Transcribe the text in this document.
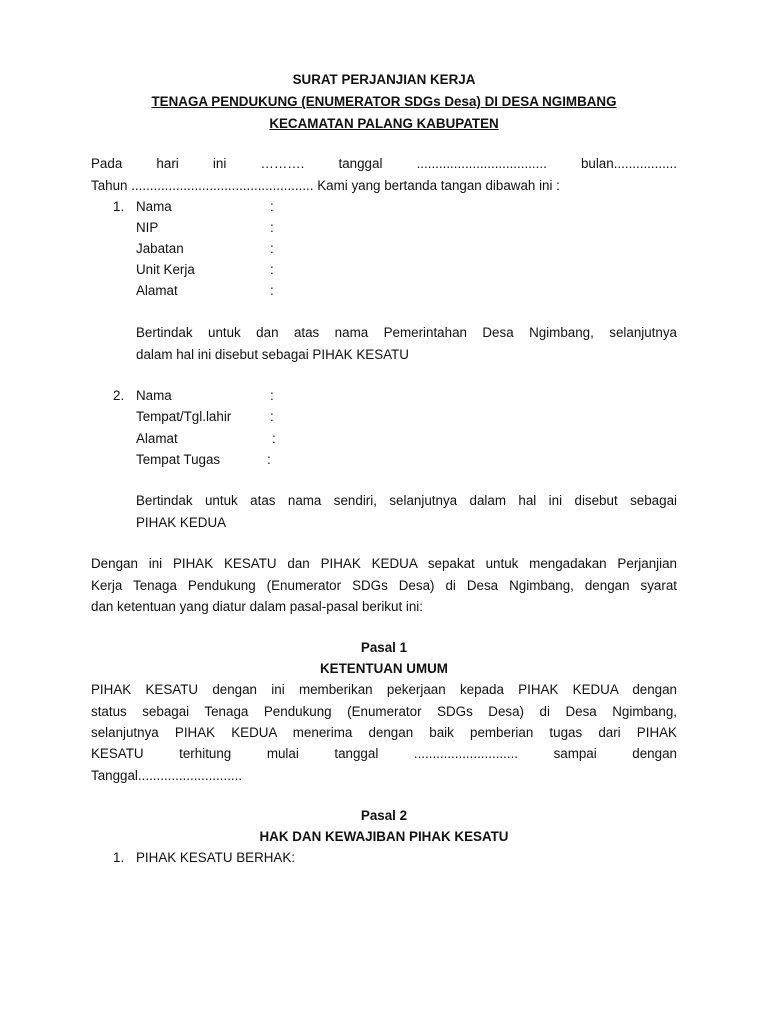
SURAT PERJANJIAN KERJA
TENAGA PENDUKUNG (ENUMERATOR SDGs Desa) DI DESA NGIMBANG
KECAMATAN PALANG KABUPATEN
Pada	hari	ini	……….	tanggal	...................................	bulan.................
Tahun ................................................. Kami yang bertanda tangan dibawah ini :
1. Nama	:
NIP	:
Jabatan	:
Unit Kerja	:
Alamat	:
Bertindak untuk dan atas nama Pemerintahan Desa Ngimbang, selanjutnya
dalam hal ini disebut sebagai PIHAK KESATU
2. Nama	:
Tempat/Tgl.lahir	:
Alamat	:
Tempat Tugas	:
Bertindak untuk atas nama sendiri, selanjutnya dalam hal ini disebut sebagai
PIHAK KEDUA
Dengan ini PIHAK KESATU dan PIHAK KEDUA sepakat untuk mengadakan Perjanjian
Kerja Tenaga Pendukung (Enumerator SDGs Desa) di Desa Ngimbang, dengan syarat
dan ketentuan yang diatur dalam pasal-pasal berikut ini:
Pasal 1
KETENTUAN UMUM
PIHAK KESATU dengan ini memberikan pekerjaan kepada PIHAK KEDUA dengan
status sebagai Tenaga Pendukung (Enumerator SDGs Desa) di Desa Ngimbang,
selanjutnya PIHAK KEDUA menerima dengan baik pemberian tugas dari PIHAK
KESATU	terhitung	mulai	tanggal	............................	sampai	dengan
Tanggal............................
Pasal 2
HAK DAN KEWAJIBAN PIHAK KESATU
1. PIHAK KESATU BERHAK:
